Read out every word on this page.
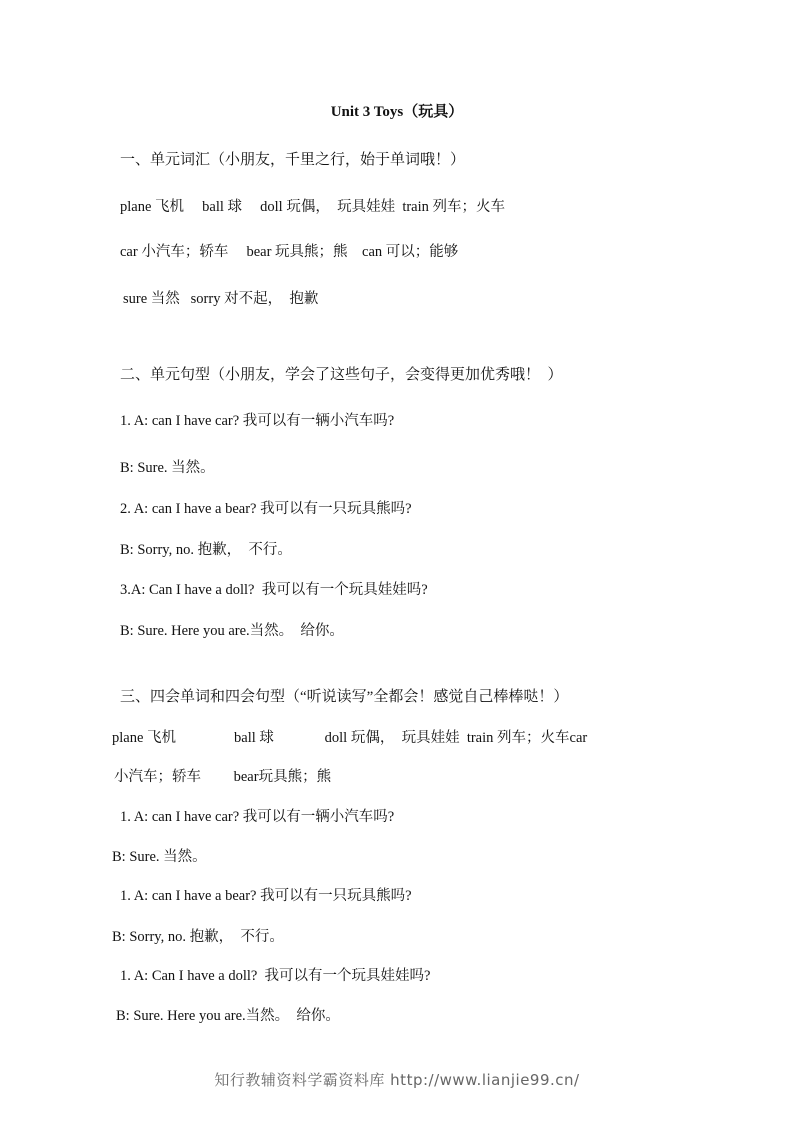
Unit 3 Toys（玩具）
一、单元词汇（小朋友，千里之行，始于单词哦！）
plane 飞机     ball 球     doll 玩偶，  玩具娃娃  train 列车；火车
car 小汽车；轿车     bear 玩具熊；熊    can 可以；能够
sure 当然   sorry 对不起，  抱歉
二、单元句型（小朋友，学会了这些句子，会变得更加优秀哦！  ）
1. A: can I have car? 我可以有一辆小汽车吗?
B: Sure. 当然。
2. A: can I have a bear? 我可以有一只玩具熊吗?
B: Sorry, no. 抱歉，  不行。
3.A: Can I have a doll?  我可以有一个玩具娃娃吗?
B: Sure. Here you are.当然。  给你。
三、四会单词和四会句型（“听说读写”全都会！感觉自己棒棒哒！）
plane 飞机                ball 球              doll 玩偶，  玩具娃娃  train 列车；火车car
小汽车；轿车         bear玩具熊；熊
1. A: can I have car? 我可以有一辆小汽车吗?
B: Sure. 当然。
1. A: can I have a bear? 我可以有一只玩具熊吗?
B: Sorry, no. 抱歉，  不行。
1. A: Can I have a doll?  我可以有一个玩具娃娃吗?
B: Sure. Here you are.当然。  给你。
知行教辅资料学霸资料库 http://www.lianjie99.cn/
